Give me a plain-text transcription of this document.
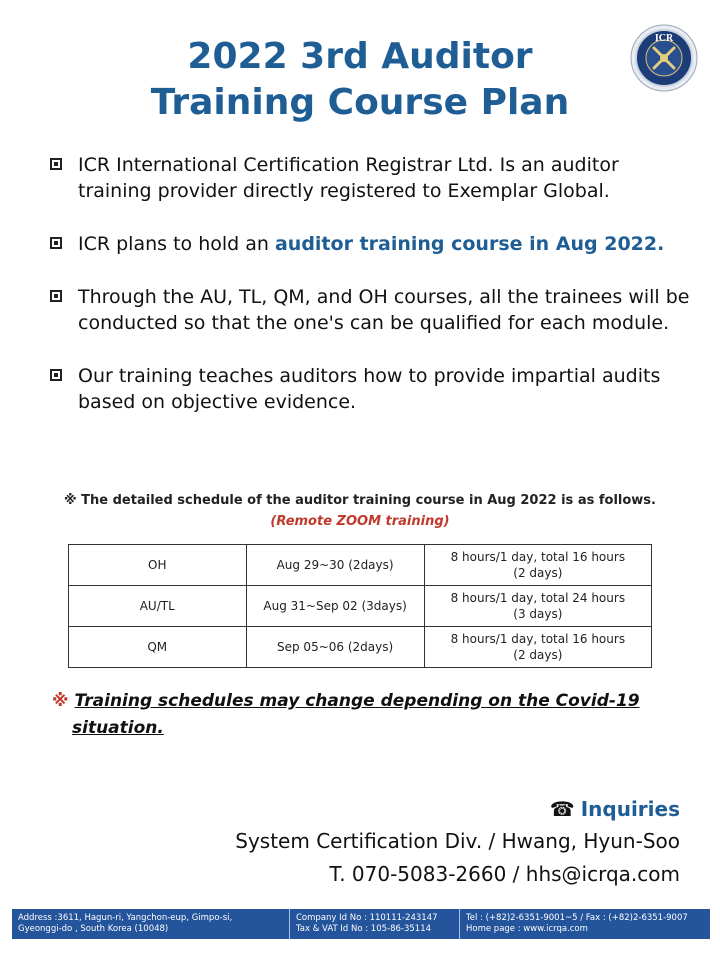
2022 3rd Auditor
Training Course Plan
ICR
ICR International Certification Registrar Ltd. Is an auditor training provider directly registered to Exemplar Global.
ICR plans to hold an auditor training course in Aug 2022.
Through the AU, TL, QM, and OH courses, all the trainees will be conducted so that the one's can be qualified for each module.
Our training teaches auditors how to provide impartial audits based on objective evidence.
※ The detailed schedule of the auditor training course in Aug 2022 is as follows.
(Remote ZOOM training)
OH	Aug 29~30 (2days)	8 hours/1 day, total 16 hours
(2 days)

AU/TL	Aug 31~Sep 02 (3days)	8 hours/1 day, total 24 hours
(3 days)

QM	Sep 05~06 (2days)	8 hours/1 day, total 16 hours
(2 days)
※ Training schedules may change depending on the Covid-19
situation.
☎ Inquiries
System Certification Div. / Hwang, Hyun-Soo
T. 070-5083-2660 / hhs@icrqa.com
Address :3611, Hagun-ri, Yangchon-eup, Gimpo-si,
Gyeonggi-do , South Korea (10048)
Company Id No : 110111-243147
Tax & VAT Id No : 105-86-35114
Tel : (+82)2-6351-9001~5 / Fax : (+82)2-6351-9007
Home page : www.icrqa.com
